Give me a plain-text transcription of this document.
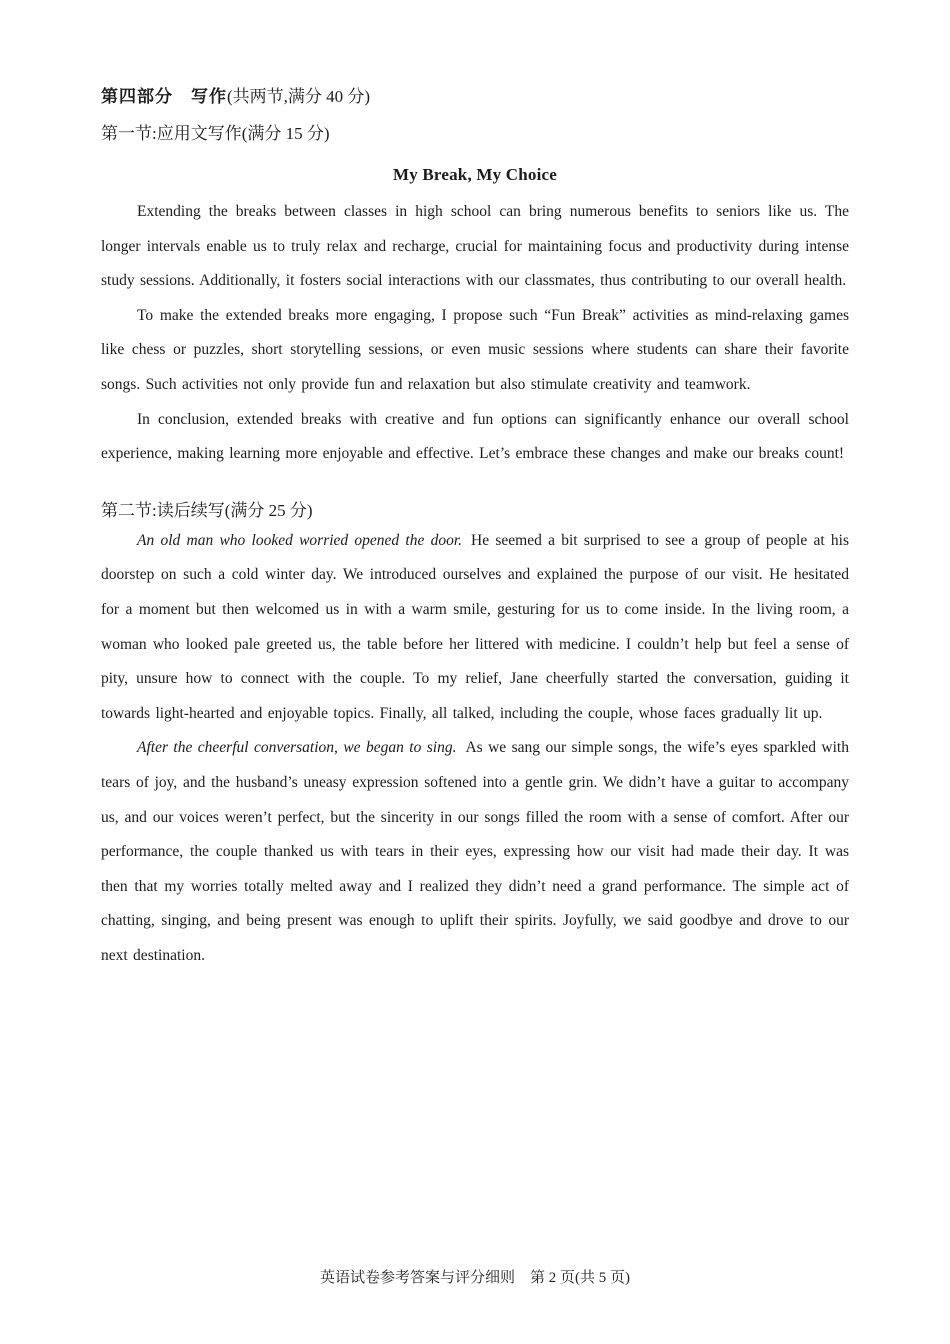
第四部分　写作(共两节,满分 40 分)

第一节:应用文写作(满分 15 分)

My Break, My Choice

Extending the breaks between classes in high school can bring numerous benefits to seniors like us. The longer intervals enable us to truly relax and recharge, crucial for maintaining focus and productivity during intense study sessions. Additionally, it fosters social interactions with our classmates, thus contributing to our overall health.

To make the extended breaks more engaging, I propose such “Fun Break” activities as mind-relaxing games like chess or puzzles, short storytelling sessions, or even music sessions where students can share their favorite songs. Such activities not only provide fun and relaxation but also stimulate creativity and teamwork.

In conclusion, extended breaks with creative and fun options can significantly enhance our overall school experience, making learning more enjoyable and effective. Let’s embrace these changes and make our breaks count!

第二节:读后续写(满分 25 分)

An old man who looked worried opened the door. He seemed a bit surprised to see a group of people at his doorstep on such a cold winter day. We introduced ourselves and explained the purpose of our visit. He hesitated for a moment but then welcomed us in with a warm smile, gesturing for us to come inside. In the living room, a woman who looked pale greeted us, the table before her littered with medicine. I couldn’t help but feel a sense of pity, unsure how to connect with the couple. To my relief, Jane cheerfully started the conversation, guiding it towards light-hearted and enjoyable topics. Finally, all talked, including the couple, whose faces gradually lit up.

After the cheerful conversation, we began to sing. As we sang our simple songs, the wife’s eyes sparkled with tears of joy, and the husband’s uneasy expression softened into a gentle grin. We didn’t have a guitar to accompany us, and our voices weren’t perfect, but the sincerity in our songs filled the room with a sense of comfort. After our performance, the couple thanked us with tears in their eyes, expressing how our visit had made their day. It was then that my worries totally melted away and I realized they didn’t need a grand performance. The simple act of chatting, singing, and being present was enough to uplift their spirits. Joyfully, we said goodbye and drove to our next destination.

英语试卷参考答案与评分细则　第 2 页(共 5 页)
